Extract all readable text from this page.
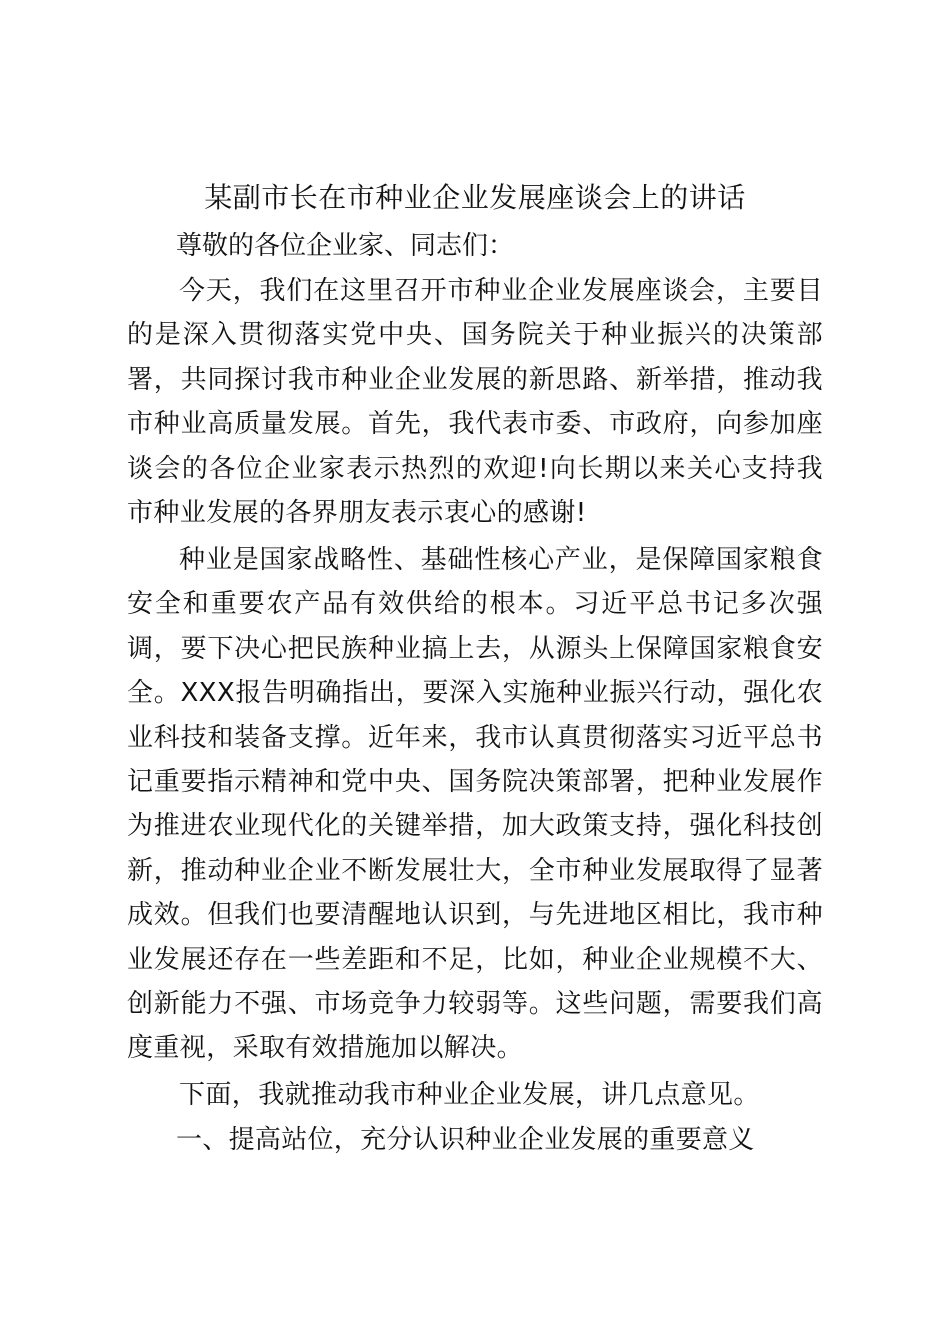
某副市长在市种业企业发展座谈会上的讲话

尊敬的各位企业家、同志们：

今天，我们在这里召开市种业企业发展座谈会，主要目的是深入贯彻落实党中央、国务院关于种业振兴的决策部署，共同探讨我市种业企业发展的新思路、新举措，推动我市种业高质量发展。首先，我代表市委、市政府，向参加座谈会的各位企业家表示热烈的欢迎!向长期以来关心支持我市种业发展的各界朋友表示衷心的感谢!

种业是国家战略性、基础性核心产业，是保障国家粮食安全和重要农产品有效供给的根本。习近平总书记多次强调，要下决心把民族种业搞上去，从源头上保障国家粮食安全。XXX报告明确指出，要深入实施种业振兴行动，强化农业科技和装备支撑。近年来，我市认真贯彻落实习近平总书记重要指示精神和党中央、国务院决策部署，把种业发展作为推进农业现代化的关键举措，加大政策支持，强化科技创新，推动种业企业不断发展壮大，全市种业发展取得了显著成效。但我们也要清醒地认识到，与先进地区相比，我市种业发展还存在一些差距和不足，比如，种业企业规模不大、创新能力不强、市场竞争力较弱等。这些问题，需要我们高度重视，采取有效措施加以解决。

下面，我就推动我市种业企业发展，讲几点意见。

一、提高站位，充分认识种业企业发展的重要意义
